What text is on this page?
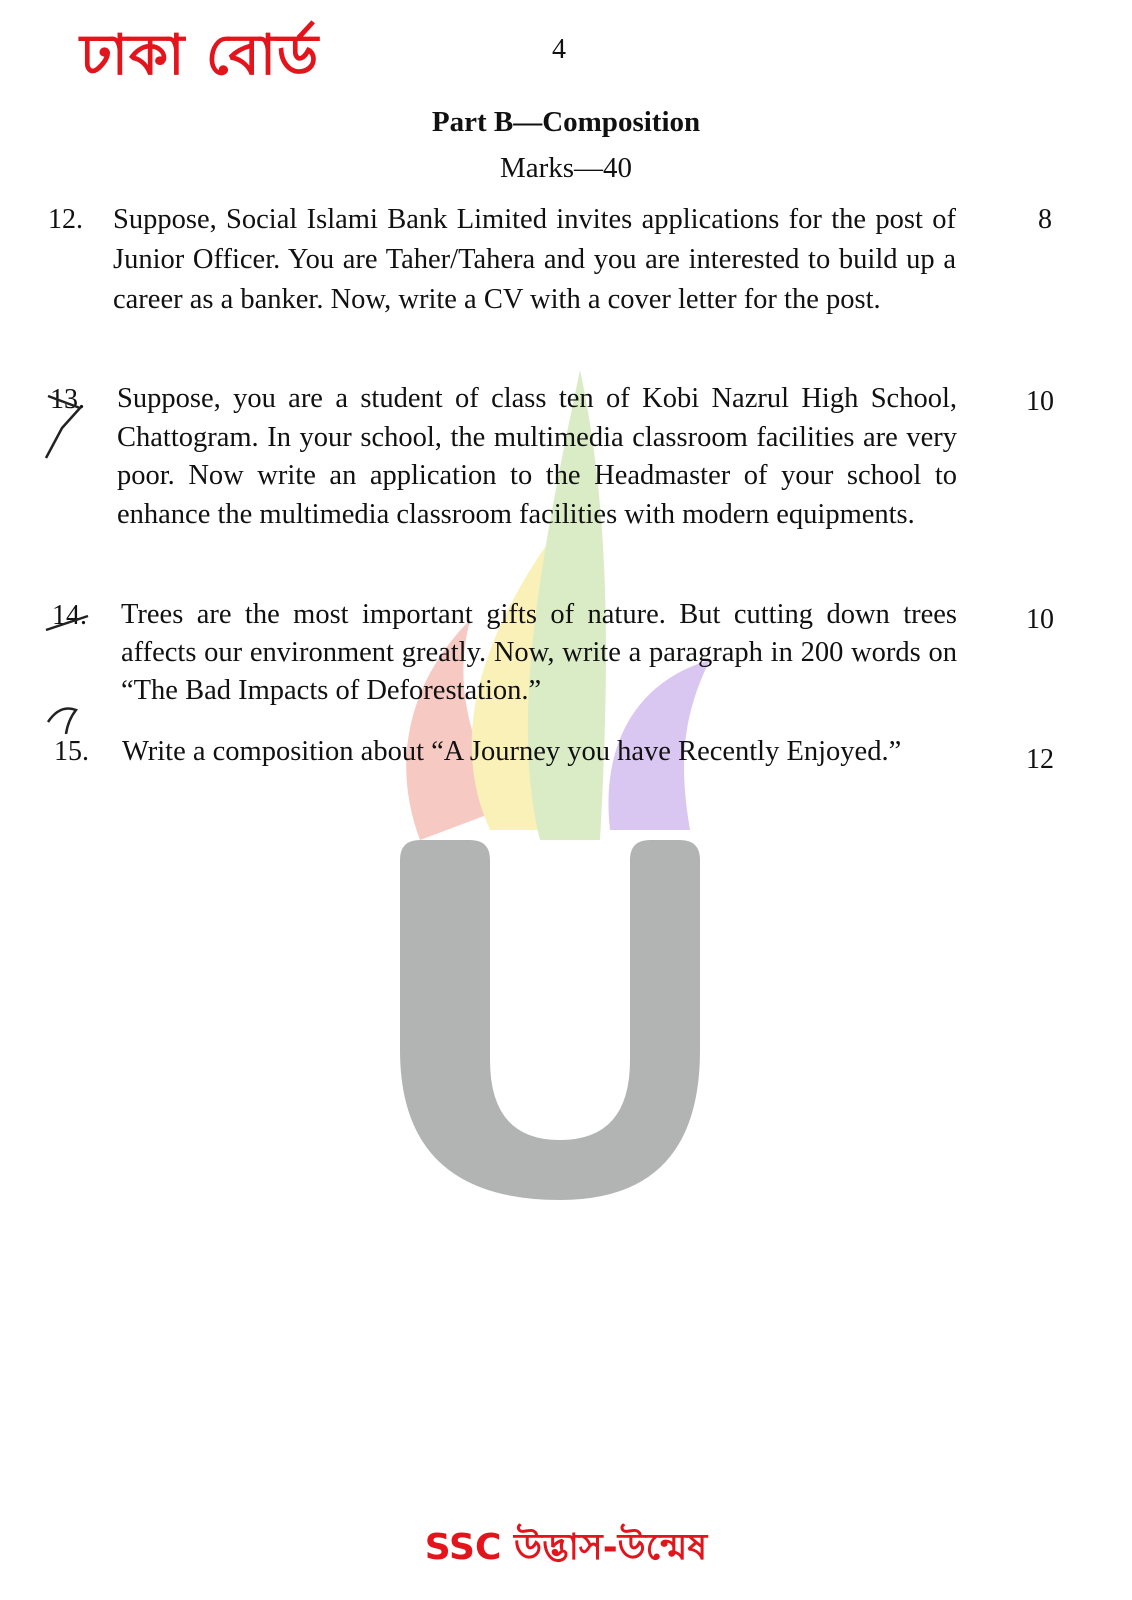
ঢাকা বোর্ড	4
Part B—Composition
Marks—40
12. Suppose, Social Islami Bank Limited invites applications for the post of Junior Officer. You are Taher/Tahera and you are interested to build up a career as a banker. Now, write a CV with a cover letter for the post.
8
13. Suppose, you are a student of class ten of Kobi Nazrul High School, Chattogram. In your school, the multimedia classroom facilities are very poor. Now write an application to the Headmaster of your school to enhance the multimedia classroom facilities with modern equipments.
10
14. Trees are the most important gifts of nature. But cutting down trees affects our environment greatly. Now, write a paragraph in 200 words on “The Bad Impacts of Deforestation.”
10
15. Write a composition about “A Journey you have Recently Enjoyed.”	12
SSC উদ্ভাস-উন্মেষ
